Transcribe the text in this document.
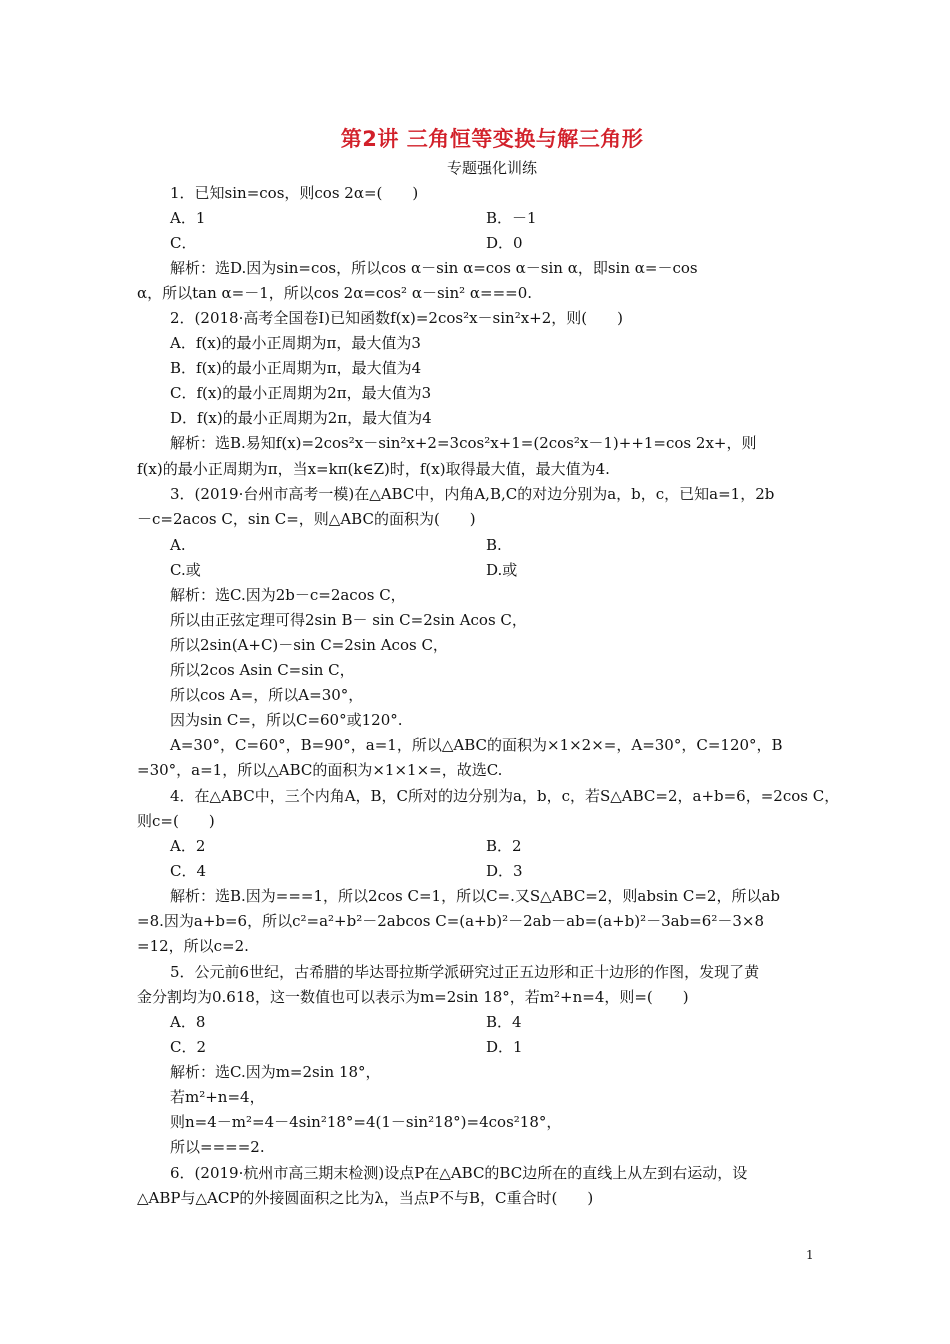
第2讲 三角恒等变换与解三角形
专题强化训练
1．已知sin=cos，则cos 2α=(　　)
A．1	B．－1
C．	D．0
解析：选D.因为sin=cos，所以cos α－sin α=cos α－sin α，即sin α=－cos
α，所以tan α=－1，所以cos 2α=cos² α－sin² α===0.
2．(2018·高考全国卷Ⅰ)已知函数f(x)=2cos²x－sin²x+2，则(　　)
A．f(x)的最小正周期为π，最大值为3
B．f(x)的最小正周期为π，最大值为4
C．f(x)的最小正周期为2π，最大值为3
D．f(x)的最小正周期为2π，最大值为4
解析：选B.易知f(x)=2cos²x－sin²x+2=3cos²x+1=(2cos²x－1)++1=cos 2x+，则
f(x)的最小正周期为π，当x=kπ(k∈Z)时，f(x)取得最大值，最大值为4.
3．(2019·台州市高考一模)在△ABC中，内角A,B,C的对边分别为a，b，c，已知a=1，2b
－c=2acos C，sin C=，则△ABC的面积为(　　)
A.	B.
C.或	D.或
解析：选C.因为2b－c=2acos C，
所以由正弦定理可得2sin B－ sin C=2sin Acos C，
所以2sin(A+C)－sin C=2sin Acos C，
所以2cos Asin C=sin C，
所以cos A=，所以A=30°，
因为sin C=，所以C=60°或120°.
A=30°，C=60°，B=90°，a=1，所以△ABC的面积为×1×2×=，A=30°，C=120°，B
=30°，a=1，所以△ABC的面积为×1×1×=，故选C.
4．在△ABC中，三个内角A，B，C所对的边分别为a，b，c，若S△ABC=2，a+b=6，=2cos C，
则c=(　　)
A．2	B．2
C．4	D．3
解析：选B.因为===1，所以2cos C=1，所以C=.又S△ABC=2，则absin C=2，所以ab
=8.因为a+b=6，所以c²=a²+b²－2abcos C=(a+b)²－2ab－ab=(a+b)²－3ab=6²－3×8
=12，所以c=2.
5．公元前6世纪，古希腊的毕达哥拉斯学派研究过正五边形和正十边形的作图，发现了黄
金分割均为0.618，这一数值也可以表示为m=2sin 18°，若m²+n=4，则=(　　)
A．8	B．4
C．2	D．1
解析：选C.因为m=2sin 18°，
若m²+n=4，
则n=4－m²=4－4sin²18°=4(1－sin²18°)=4cos²18°，
所以====2.
6．(2019·杭州市高三期末检测)设点P在△ABC的BC边所在的直线上从左到右运动，设
△ABP与△ACP的外接圆面积之比为λ，当点P不与B，C重合时(　　)
1
